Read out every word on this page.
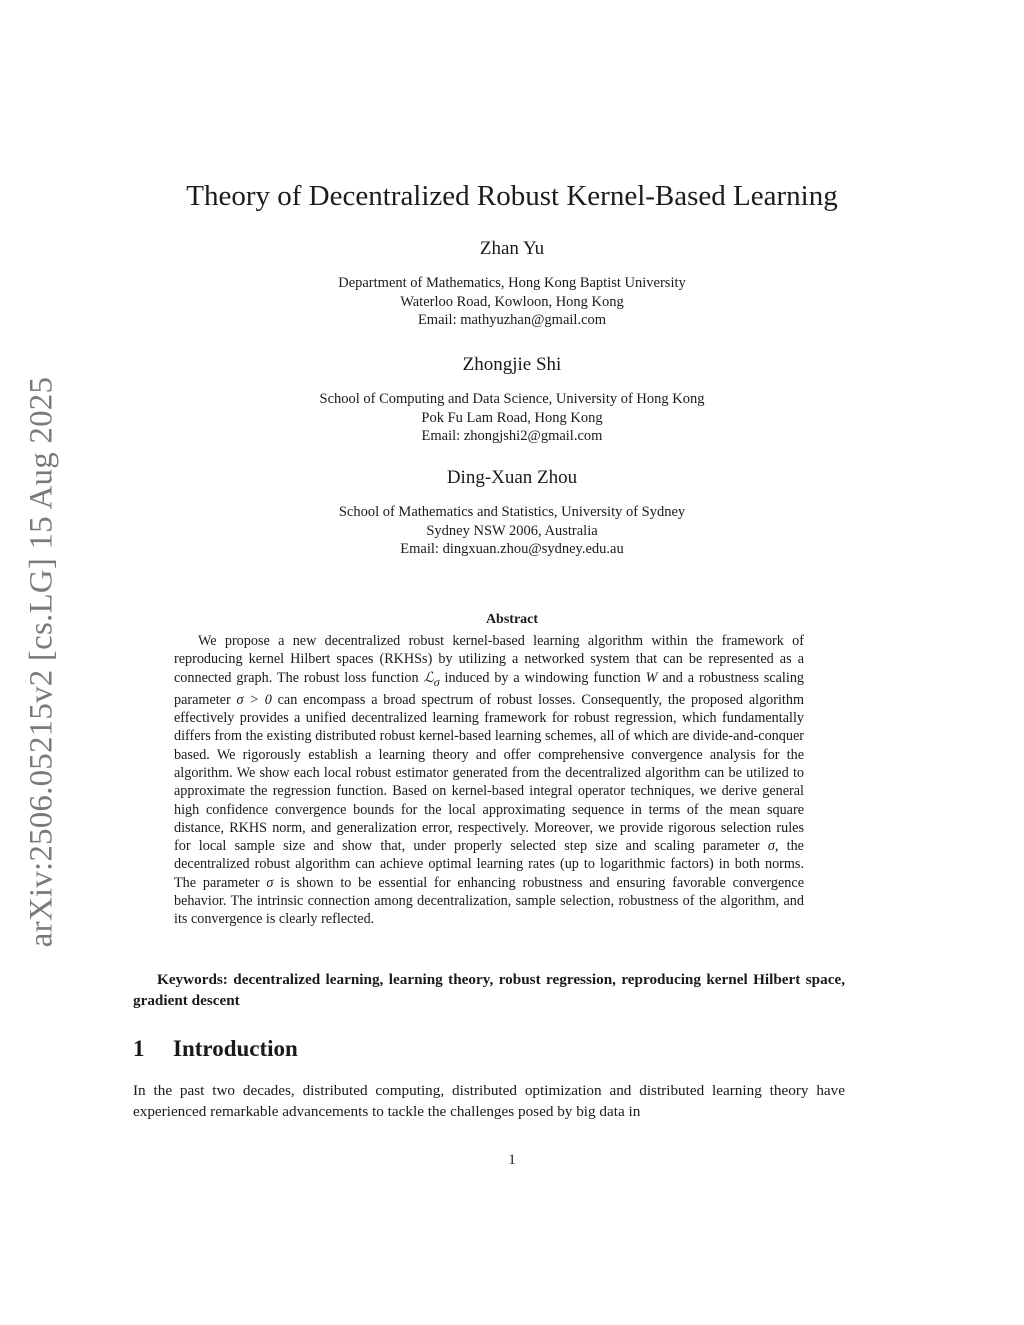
arXiv:2506.05215v2 [cs.LG] 15 Aug 2025
Theory of Decentralized Robust Kernel-Based Learning
Zhan Yu
Department of Mathematics, Hong Kong Baptist University
Waterloo Road, Kowloon, Hong Kong
Email: mathyuzhan@gmail.com
Zhongjie Shi
School of Computing and Data Science, University of Hong Kong
Pok Fu Lam Road, Hong Kong
Email: zhongjshi2@gmail.com
Ding-Xuan Zhou
School of Mathematics and Statistics, University of Sydney
Sydney NSW 2006, Australia
Email: dingxuan.zhou@sydney.edu.au
Abstract
We propose a new decentralized robust kernel-based learning algorithm within the framework of reproducing kernel Hilbert spaces (RKHSs) by utilizing a networked system that can be represented as a connected graph. The robust loss function ℒ$_\sigma$ induced by a windowing function W and a robustness scaling parameter σ > 0 can encompass a broad spectrum of robust losses. Consequently, the proposed algorithm effectively provides a unified decentralized learning framework for robust regression, which fundamentally differs from the existing distributed robust kernel-based learning schemes, all of which are divide-and-conquer based. We rigorously establish a learning theory and offer comprehensive convergence analysis for the algorithm. We show each local robust estimator generated from the decentralized algorithm can be utilized to approximate the regression function. Based on kernel-based integral operator techniques, we derive general high confidence convergence bounds for the local approximating sequence in terms of the mean square distance, RKHS norm, and generalization error, respectively. Moreover, we provide rigorous selection rules for local sample size and show that, under properly selected step size and scaling parameter σ, the decentralized robust algorithm can achieve optimal learning rates (up to logarithmic factors) in both norms. The parameter σ is shown to be essential for enhancing robustness and ensuring favorable convergence behavior. The intrinsic connection among decentralization, sample selection, robustness of the algorithm, and its convergence is clearly reflected.
Keywords: decentralized learning, learning theory, robust regression, reproducing kernel Hilbert space, gradient descent
1 Introduction
In the past two decades, distributed computing, distributed optimization and distributed learning theory have experienced remarkable advancements to tackle the challenges posed by big data in
1
